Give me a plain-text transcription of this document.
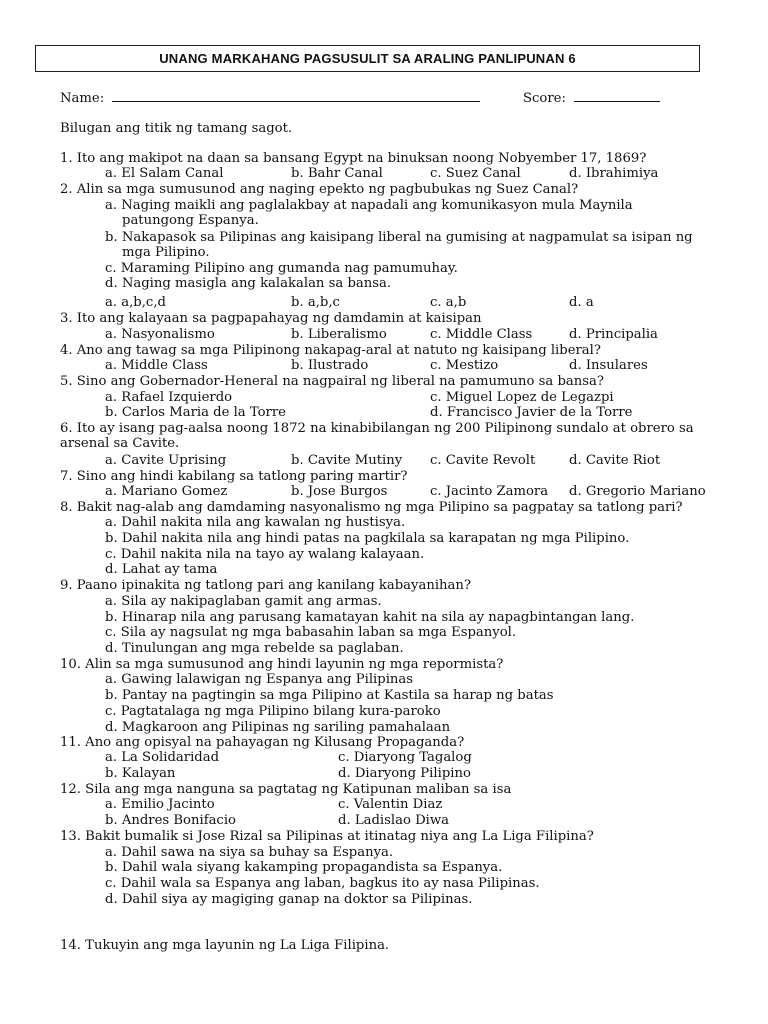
UNANG MARKAHANG PAGSUSULIT SA ARALING PANLIPUNAN 6
Name:	Score:
Bilugan ang titik ng tamang sagot.
1. Ito ang makipot na daan sa bansang Egypt na binuksan noong Nobyember 17, 1869?
a. El Salam Canal	b. Bahr Canal	c. Suez Canal	d. Ibrahimiya
2. Alin sa mga sumusunod ang naging epekto ng pagbubukas ng Suez Canal?
a. Naging maikli ang paglalakbay at napadali ang komunikasyon mula Maynila
patungong Espanya.
b. Nakapasok sa Pilipinas ang kaisipang liberal na gumising at nagpamulat sa isipan ng
mga Pilipino.
c. Maraming Pilipino ang gumanda nag pamumuhay.
d. Naging masigla ang kalakalan sa bansa.
a. a,b,c,d	b. a,b,c	c. a,b	d. a
3. Ito ang kalayaan sa pagpapahayag ng damdamin at kaisipan
a. Nasyonalismo	b. Liberalismo	c. Middle Class	d. Principalia
4. Ano ang tawag sa mga Pilipinong nakapag-aral at natuto ng kaisipang liberal?
a. Middle Class	b. Ilustrado	c. Mestizo	d. Insulares
5. Sino ang Gobernador-Heneral na nagpairal ng liberal na pamumuno sa bansa?
a. Rafael Izquierdo	c. Miguel Lopez de Legazpi
b. Carlos Maria de la Torre	d. Francisco Javier de la Torre
6. Ito ay isang pag-aalsa noong 1872 na kinabibilangan ng 200 Pilipinong sundalo at obrero sa
arsenal sa Cavite.
a. Cavite Uprising	b. Cavite Mutiny c. Cavite Revolt	d. Cavite Riot
7. Sino ang hindi kabilang sa tatlong paring martir?
a. Mariano Gomez	b. Jose Burgos	c. Jacinto Zamora d. Gregorio Mariano
8. Bakit nag-alab ang damdaming nasyonalismo ng mga Pilipino sa pagpatay sa tatlong pari?
a. Dahil nakita nila ang kawalan ng hustisya.
b. Dahil nakita nila ang hindi patas na pagkilala sa karapatan ng mga Pilipino.
c. Dahil nakita nila na tayo ay walang kalayaan.
d. Lahat ay tama
9. Paano ipinakita ng tatlong pari ang kanilang kabayanihan?
a. Sila ay nakipaglaban gamit ang armas.
b. Hinarap nila ang parusang kamatayan kahit na sila ay napagbintangan lang.
c. Sila ay nagsulat ng mga babasahin laban sa mga Espanyol.
d. Tinulungan ang mga rebelde sa paglaban.
10. Alin sa mga sumusunod ang hindi layunin ng mga repormista?
a. Gawing lalawigan ng Espanya ang Pilipinas
b. Pantay na pagtingin sa mga Pilipino at Kastila sa harap ng batas
c. Pagtatalaga ng mga Pilipino bilang kura-paroko
d. Magkaroon ang Pilipinas ng sariling pamahalaan
11. Ano ang opisyal na pahayagan ng Kilusang Propaganda?
a. La Solidaridad	c. Diaryong Tagalog
b. Kalayan	d. Diaryong Pilipino
12. Sila ang mga nanguna sa pagtatag ng Katipunan maliban sa isa
a. Emilio Jacinto	c. Valentin Diaz
b. Andres Bonifacio	d. Ladislao Diwa
13. Bakit bumalik si Jose Rizal sa Pilipinas at itinatag niya ang La Liga Filipina?
a. Dahil sawa na siya sa buhay sa Espanya.
b. Dahil wala siyang kakamping propagandista sa Espanya.
c. Dahil wala sa Espanya ang laban, bagkus ito ay nasa Pilipinas.
d. Dahil siya ay magiging ganap na doktor sa Pilipinas.
14. Tukuyin ang mga layunin ng La Liga Filipina.
